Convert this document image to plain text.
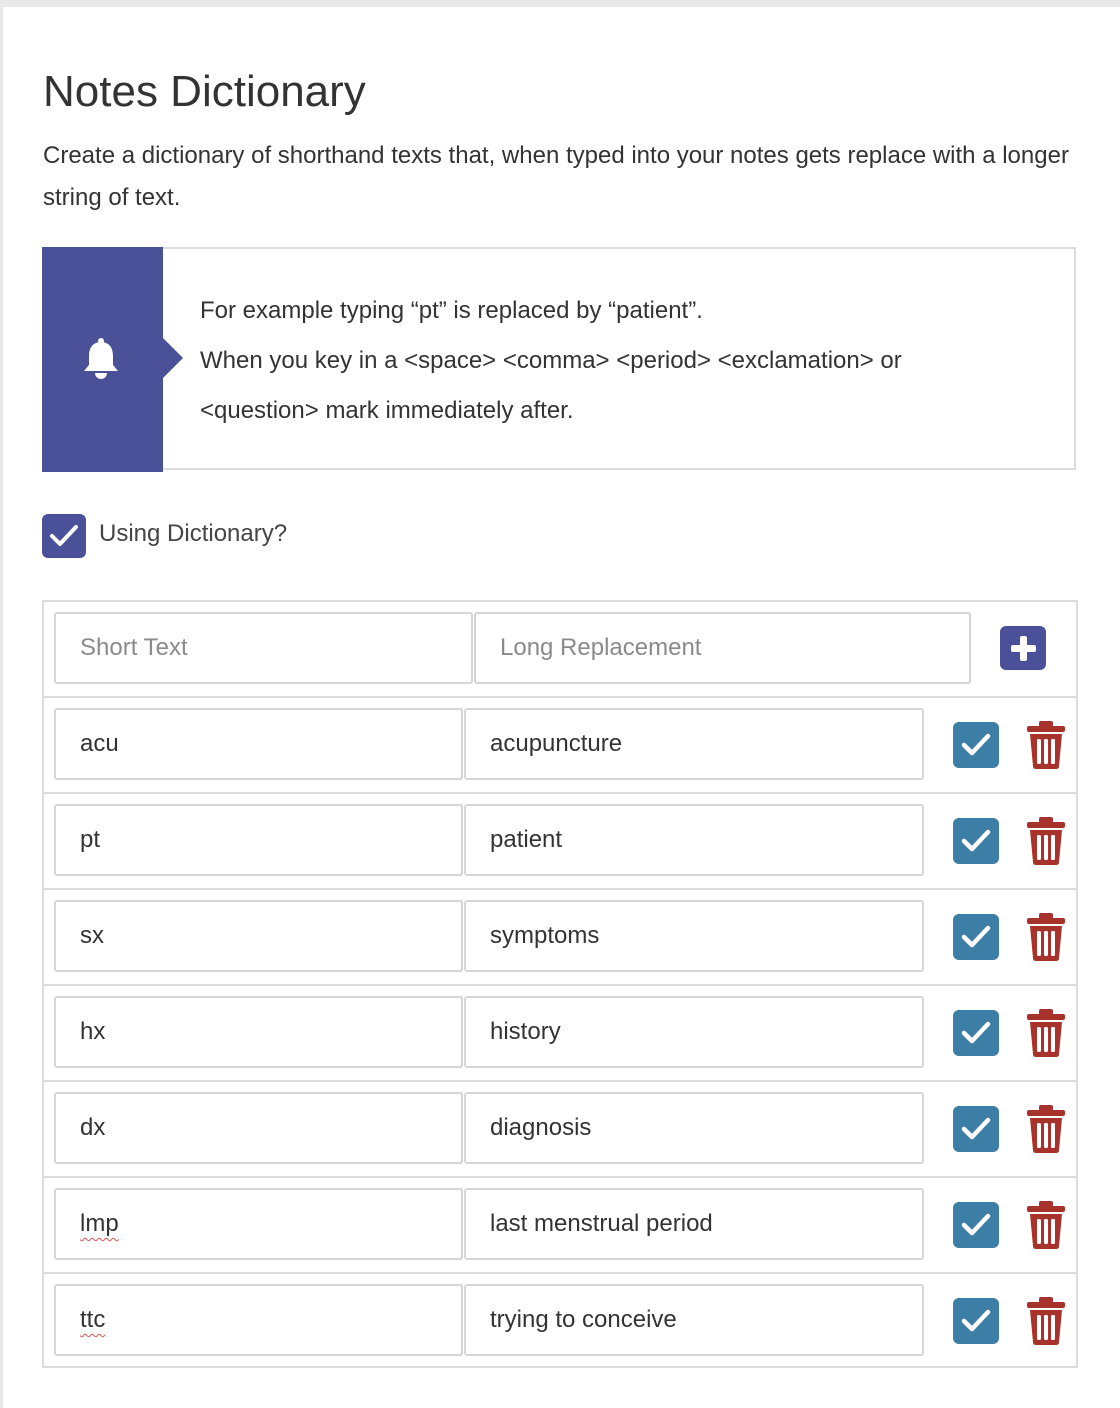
Notes Dictionary

Create a dictionary of shorthand texts that, when typed into your notes gets replace with a longer string of text.

For example typing “pt” is replaced by “patient”.
When you key in a <space> <comma> <period> <exclamation> or
<question> mark immediately after.
Using Dictionary?
Short Text	Long Replacement
acu	acupuncture
pt	patient
sx	symptoms
hx	history
dx	diagnosis
lmp	last menstrual period
ttc	trying to conceive
